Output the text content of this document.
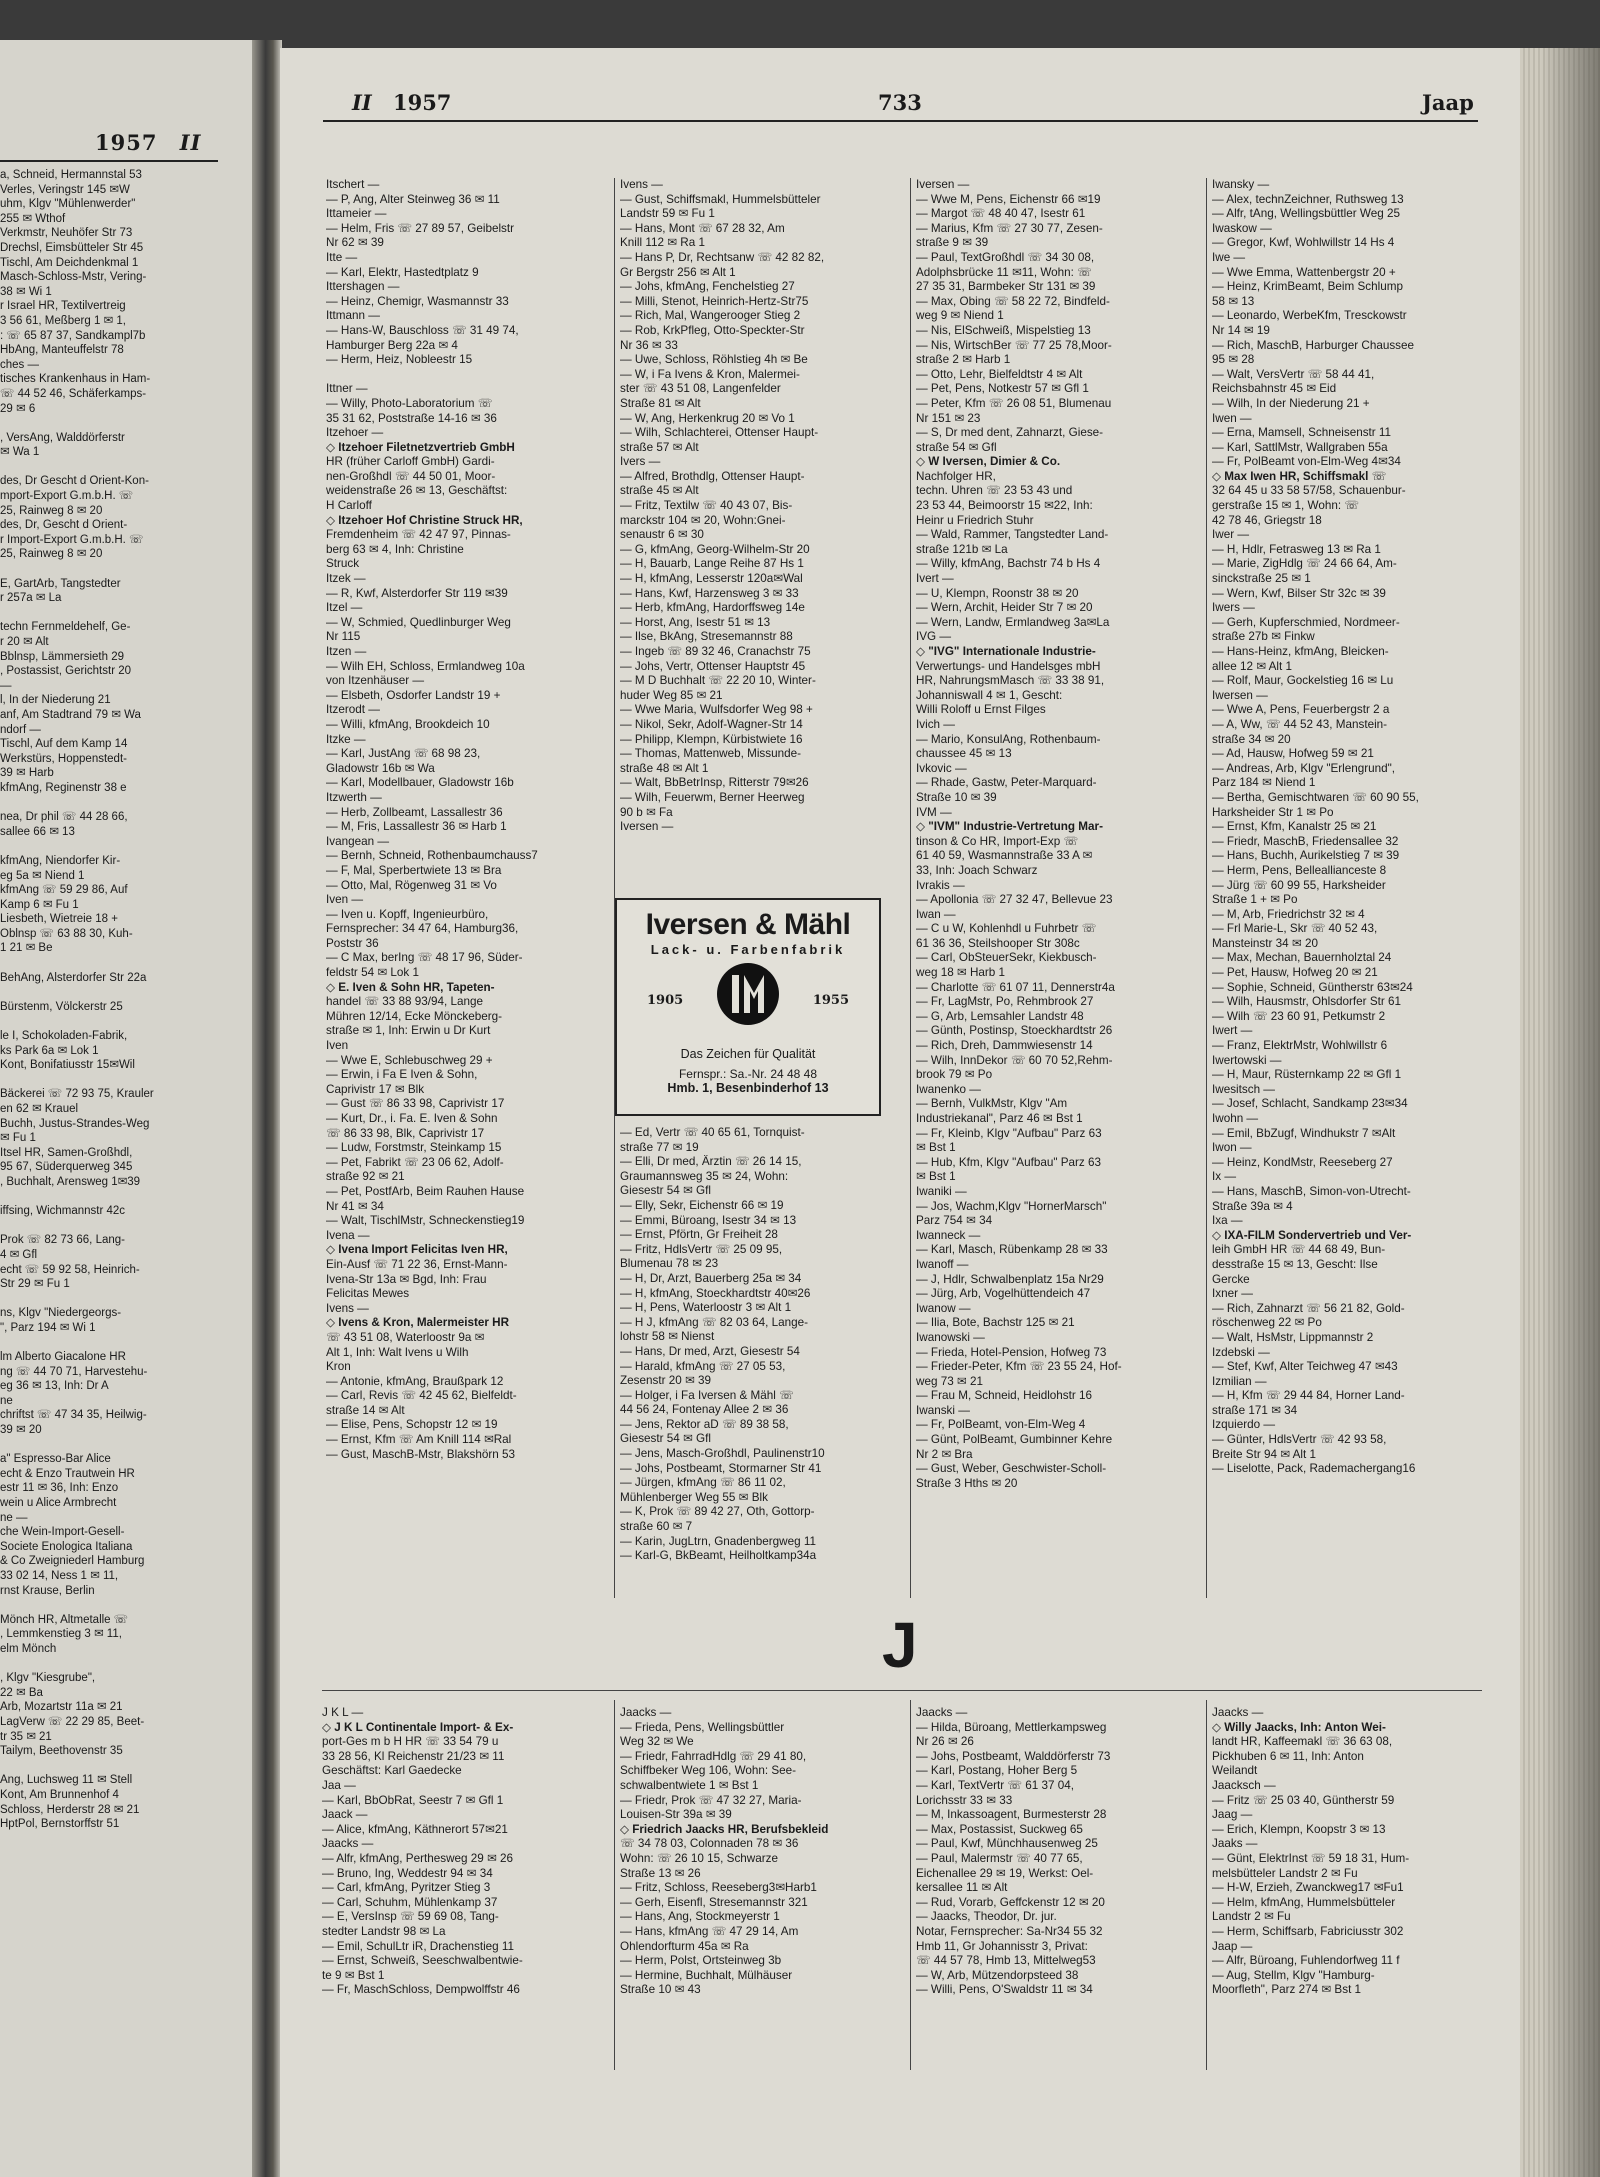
1957 II
a, Schneid, Hermannstal 53
Verles, Veringstr 145 ✉W
uhm, Klgv "Mühlenwerder"
255 ✉ Wthof
Verkmstr, Neuhöfer Str 73
Drechsl, Eimsbütteler Str 45
Tischl, Am Deichdenkmal 1
Masch-Schloss-Mstr, Vering-
38 ✉ Wi 1
r Israel HR, Textilvertreig
3 56 61, Meßberg 1 ✉ 1,
: ☏ 65 87 37, Sandkampl7b
HbAng, Manteuffelstr 78
ches —
tisches Krankenhaus in Ham-
☏ 44 52 46, Schäferkamps-
29 ✉ 6

, VersAng, Walddörferstr
✉ Wa 1

des, Dr Gescht d Orient-Kon-
mport-Export G.m.b.H. ☏
25, Rainweg 8 ✉ 20
des, Dr, Gescht d Orient-
r Import-Export G.m.b.H. ☏
25, Rainweg 8 ✉ 20

E, GartArb, Tangstedter
r 257a ✉ La

techn Fernmeldehelf, Ge-
r 20 ✉ Alt
Bblnsp, Lämmersieth 29
, Postassist, Gerichtstr 20
—
l, In der Niederung 21
anf, Am Stadtrand 79 ✉ Wa
ndorf —
Tischl, Auf dem Kamp 14
Werkstürs, Hoppenstedt-
39 ✉ Harb
kfmAng, Reginenstr 38 e

nea, Dr phil ☏ 44 28 66,
sallee 66 ✉ 13

kfmAng, Niendorfer Kir-
eg 5a ✉ Niend 1
kfmAng ☏ 59 29 86, Auf
Kamp 6 ✉ Fu 1
Liesbeth, Wietreie 18 +
Oblnsp ☏ 63 88 30, Kuh-
1 21 ✉ Be

BehAng, Alsterdorfer Str 22a

Bürstenm, Völckerstr 25

le I, Schokoladen-Fabrik,
ks Park 6a ✉ Lok 1
Kont, Bonifatiusstr 15✉Wil

Bäckerei ☏ 72 93 75, Krauler
en 62 ✉ Krauel
Buchh, Justus-Strandes-Weg
✉ Fu 1
Itsel HR, Samen-Großhdl,
95 67, Süderquerweg 345
, Buchhalt, Arensweg 1✉39

iffsing, Wichmannstr 42c

Prok ☏ 82 73 66, Lang-
4 ✉ Gfl
echt ☏ 59 92 58, Heinrich-
Str 29 ✉ Fu 1

ns, Klgv "Niedergeorgs-
", Parz 194 ✉ Wi 1

lm Alberto Giacalone HR
ng ☏ 44 70 71, Harvestehu-
eg 36 ✉ 13, Inh: Dr A
ne
chriftst ☏ 47 34 35, Heilwig-
39 ✉ 20

a" Espresso-Bar Alice
echt & Enzo Trautwein HR
estr 11 ✉ 36, Inh: Enzo
wein u Alice Armbrecht
ne —
che Wein-Import-Gesell-
Societe Enologica Italiana
& Co Zweigniederl Hamburg
33 02 14, Ness 1 ✉ 11,
rnst Krause, Berlin

Mönch HR, Altmetalle ☏
, Lemmkenstieg 3 ✉ 11,
elm Mönch

, Klgv "Kiesgrube",
22 ✉ Ba
Arb, Mozartstr 11a ✉ 21
LagVerw ☏ 22 29 85, Beet-
tr 35 ✉ 21
Tailym, Beethovenstr 35

Ang, Luchsweg 11 ✉ Stell
Kont, Am Brunnenhof 4
Schloss, Herderstr 28 ✉ 21
HptPol, Bernstorffstr 51
II 1957	733	Jaap
Itschert —
— P, Ang, Alter Steinweg 36 ✉ 11
Ittameier —
— Helm, Fris ☏ 27 89 57, Geibelstr
Nr 62 ✉ 39
Itte —
— Karl, Elektr, Hastedtplatz 9
Ittershagen —
— Heinz, Chemigr, Wasmannstr 33
Ittmann —
— Hans-W, Bauschloss ☏ 31 49 74,
Hamburger Berg 22a ✉ 4
— Herm, Heiz, Nobleestr 15

Ittner —
— Willy, Photo-Laboratorium ☏
35 31 62, Poststraße 14-16 ✉ 36
Itzehoer —
◇ Itzehoer Filetnetzvertrieb GmbH
HR (früher Carloff GmbH) Gardi-
nen-Großhdl ☏ 44 50 01, Moor-
weidenstraße 26 ✉ 13, Geschäftst:
H Carloff
◇ Itzehoer Hof Christine Struck HR,
Fremdenheim ☏ 42 47 97, Pinnas-
berg 63 ✉ 4, Inh: Christine
Struck
Itzek —
— R, Kwf, Alsterdorfer Str 119 ✉39
Itzel —
— W, Schmied, Quedlinburger Weg
Nr 115
Itzen —
— Wilh EH, Schloss, Ermlandweg 10a
von Itzenhäuser —
— Elsbeth, Osdorfer Landstr 19 +
Itzerodt —
— Willi, kfmAng, Brookdeich 10
Itzke —
— Karl, JustAng ☏ 68 98 23,
Gladowstr 16b ✉ Wa
— Karl, Modellbauer, Gladowstr 16b
Itzwerth —
— Herb, Zollbeamt, Lassallestr 36
— M, Fris, Lassallestr 36 ✉ Harb 1
Ivangean —
— Bernh, Schneid, Rothenbaumchauss7
— F, Mal, Sperbertwiete 13 ✉ Bra
— Otto, Mal, Rögenweg 31 ✉ Vo
Iven —
— Iven u. Kopff, Ingenieurbüro,
Fernsprecher: 34 47 64, Hamburg36,
Poststr 36
— C Max, berIng ☏ 48 17 96, Süder-
feldstr 54 ✉ Lok 1
◇ E. Iven & Sohn HR, Tapeten-
handel ☏ 33 88 93/94, Lange
Mühren 12/14, Ecke Mönckeberg-
straße ✉ 1, Inh: Erwin u Dr Kurt
Iven
— Wwe E, Schlebuschweg 29 +
— Erwin, i Fa E Iven & Sohn,
Caprivistr 17 ✉ Blk
— Gust ☏ 86 33 98, Caprivistr 17
— Kurt, Dr., i. Fa. E. Iven & Sohn
☏ 86 33 98, Blk, Caprivistr 17
— Ludw, Forstmstr, Steinkamp 15
— Pet, Fabrikt ☏ 23 06 62, Adolf-
straße 92 ✉ 21
— Pet, PostfArb, Beim Rauhen Hause
Nr 41 ✉ 34
— Walt, TischlMstr, Schneckenstieg19
Ivena —
◇ Ivena Import Felicitas Iven HR,
Ein-Ausf ☏ 71 22 36, Ernst-Mann-
Ivena-Str 13a ✉ Bgd, Inh: Frau
Felicitas Mewes
Ivens —
◇ Ivens & Kron, Malermeister HR
☏ 43 51 08, Waterloostr 9a ✉
Alt 1, Inh: Walt Ivens u Wilh
Kron
— Antonie, kfmAng, Braußpark 12
— Carl, Revis ☏ 42 45 62, Bielfeldt-
straße 14 ✉ Alt
— Elise, Pens, Schopstr 12 ✉ 19
— Ernst, Kfm ☏ Am Knill 114 ✉Ral
— Gust, MaschB-Mstr, Blakshörn 53
Ivens —
— Gust, Schiffsmakl, Hummelsbütteler
Landstr 59 ✉ Fu 1
— Hans, Mont ☏ 67 28 32, Am
Knill 112 ✉ Ra 1
— Hans P, Dr, Rechtsanw ☏ 42 82 82,
Gr Bergstr 256 ✉ Alt 1
— Johs, kfmAng, Fenchelstieg 27
— Milli, Stenot, Heinrich-Hertz-Str75
— Rich, Mal, Wangerooger Stieg 2
— Rob, KrkPfleg, Otto-Speckter-Str
Nr 36 ✉ 33
— Uwe, Schloss, Röhlstieg 4h ✉ Be
— W, i Fa Ivens & Kron, Malermei-
ster ☏ 43 51 08, Langenfelder
Straße 81 ✉ Alt
— W, Ang, Herkenkrug 20 ✉ Vo 1
— Wilh, Schlachterei, Ottenser Haupt-
straße 57 ✉ Alt
Ivers —
— Alfred, Brothdlg, Ottenser Haupt-
straße 45 ✉ Alt
— Fritz, Textilw ☏ 40 43 07, Bis-
marckstr 104 ✉ 20, Wohn:Gnei-
senaustr 6 ✉ 30
— G, kfmAng, Georg-Wilhelm-Str 20
— H, Bauarb, Lange Reihe 87 Hs 1
— H, kfmAng, Lesserstr 120a✉Wal
— Hans, Kwf, Harzensweg 3 ✉ 33
— Herb, kfmAng, Hardorffsweg 14e
— Horst, Ang, Isestr 51 ✉ 13
— Ilse, BkAng, Stresemannstr 88
— Ingeb ☏ 89 32 46, Cranachstr 75
— Johs, Vertr, Ottenser Hauptstr 45
— M D Buchhalt ☏ 22 20 10, Winter-
huder Weg 85 ✉ 21
— Wwe Maria, Wulfsdorfer Weg 98 +
— Nikol, Sekr, Adolf-Wagner-Str 14
— Philipp, Klempn, Kürbistwiete 16
— Thomas, Mattenweb, Missunde-
straße 48 ✉ Alt 1
— Walt, BbBetrInsp, Ritterstr 79✉26
— Wilh, Feuerwm, Berner Heerweg
90 b ✉ Fa
Iversen —
Iversen & Mähl
Lack- u. Farbenfabrik
1905	1955
Das Zeichen für Qualität
Fernspr.: Sa.-Nr. 24 48 48
Hmb. 1, Besenbinderhof 13
— Ed, Vertr ☏ 40 65 61, Tornquist-
straße 77 ✉ 19
— Elli, Dr med, Ärztin ☏ 26 14 15,
Graumannsweg 35 ✉ 24, Wohn:
Giesestr 54 ✉ Gfl
— Elly, Sekr, Eichenstr 66 ✉ 19
— Emmi, Büroang, Isestr 34 ✉ 13
— Ernst, Pförtn, Gr Freiheit 28
— Fritz, HdlsVertr ☏ 25 09 95,
Blumenau 78 ✉ 23
— H, Dr, Arzt, Bauerberg 25a ✉ 34
— H, kfmAng, Stoeckhardtstr 40✉26
— H, Pens, Waterloostr 3 ✉ Alt 1
— H J, kfmAng ☏ 82 03 64, Lange-
lohstr 58 ✉ Nienst
— Hans, Dr med, Arzt, Giesestr 54
— Harald, kfmAng ☏ 27 05 53,
Zesenstr 20 ✉ 39
— Holger, i Fa Iversen & Mähl ☏
44 56 24, Fontenay Allee 2 ✉ 36
— Jens, Rektor aD ☏ 89 38 58,
Giesestr 54 ✉ Gfl
— Jens, Masch-Großhdl, Paulinenstr10
— Johs, Postbeamt, Stormarner Str 41
— Jürgen, kfmAng ☏ 86 11 02,
Mühlenberger Weg 55 ✉ Blk
— K, Prok ☏ 89 42 27, Oth, Gottorp-
straße 60 ✉ 7
— Karin, JugLtrn, Gnadenbergweg 11
— Karl-G, BkBeamt, Heilholtkamp34a
Iversen —
— Wwe M, Pens, Eichenstr 66 ✉19
— Margot ☏ 48 40 47, Isestr 61
— Marius, Kfm ☏ 27 30 77, Zesen-
straße 9 ✉ 39
— Paul, TextGroßhdl ☏ 34 30 08,
Adolphsbrücke 11 ✉11, Wohn: ☏
27 35 31, Barmbeker Str 131 ✉ 39
— Max, Obing ☏ 58 22 72, Bindfeld-
weg 9 ✉ Niend 1
— Nis, ElSchweiß, Mispelstieg 13
— Nis, WirtschBer ☏ 77 25 78,Moor-
straße 2 ✉ Harb 1
— Otto, Lehr, Bielfeldtstr 4 ✉ Alt
— Pet, Pens, Notkestr 57 ✉ Gfl 1
— Peter, Kfm ☏ 26 08 51, Blumenau
Nr 151 ✉ 23
— S, Dr med dent, Zahnarzt, Giese-
straße 54 ✉ Gfl
◇ W Iversen, Dimier & Co.
Nachfolger HR,
techn. Uhren ☏ 23 53 43 und
23 53 44, Beimoorstr 15 ✉22, Inh:
Heinr u Friedrich Stuhr
— Wald, Rammer, Tangstedter Land-
straße 121b ✉ La
— Willy, kfmAng, Bachstr 74 b Hs 4
Ivert —
— U, Klempn, Roonstr 38 ✉ 20
— Wern, Archit, Heider Str 7 ✉ 20
— Wern, Landw, Ermlandweg 3a✉La
IVG —
◇ "IVG" Internationale Industrie-
Verwertungs- und Handelsges mbH
HR, NahrungsmMasch ☏ 33 38 91,
Johanniswall 4 ✉ 1, Gescht:
Willi Roloff u Ernst Filges
Ivich —
— Mario, KonsulAng, Rothenbaum-
chaussee 45 ✉ 13
Ivkovic —
— Rhade, Gastw, Peter-Marquard-
Straße 10 ✉ 39
IVM —
◇ "IVM" Industrie-Vertretung Mar-
tinson & Co HR, Import-Exp ☏
61 40 59, Wasmannstraße 33 A ✉
33, Inh: Joach Schwarz
Ivrakis —
— Apollonia ☏ 27 32 47, Bellevue 23
Iwan —
— C u W, Kohlenhdl u Fuhrbetr ☏
61 36 36, Steilshooper Str 308c
— Carl, ObSteuerSekr, Kiekbusch-
weg 18 ✉ Harb 1
— Charlotte ☏ 61 07 11, Dennerstr4a
— Fr, LagMstr, Po, Rehmbrook 27
— G, Arb, Lemsahler Landstr 48
— Günth, Postinsp, Stoeckhardtstr 26
— Rich, Dreh, Dammwiesenstr 14
— Wilh, InnDekor ☏ 60 70 52,Rehm-
brook 79 ✉ Po
Iwanenko —
— Bernh, VulkMstr, Klgv "Am
Industriekanal", Parz 46 ✉ Bst 1
— Fr, Kleinb, Klgv "Aufbau" Parz 63
✉ Bst 1
— Hub, Kfm, Klgv "Aufbau" Parz 63
✉ Bst 1
Iwaniki —
— Jos, Wachm,Klgv "HornerMarsch"
Parz 754 ✉ 34
Iwanneck —
— Karl, Masch, Rübenkamp 28 ✉ 33
Iwanoff —
— J, Hdlr, Schwalbenplatz 15a Nr29
— Jürg, Arb, Vogelhüttendeich 47
Iwanow —
— Ilia, Bote, Bachstr 125 ✉ 21
Iwanowski —
— Frieda, Hotel-Pension, Hofweg 73
— Frieder-Peter, Kfm ☏ 23 55 24, Hof-
weg 73 ✉ 21
— Frau M, Schneid, Heidlohstr 16
Iwanski —
— Fr, PolBeamt, von-Elm-Weg 4
— Günt, PolBeamt, Gumbinner Kehre
Nr 2 ✉ Bra
— Gust, Weber, Geschwister-Scholl-
Straße 3 Hths ✉ 20
Iwansky —
— Alex, technZeichner, Ruthsweg 13
— Alfr, tAng, Wellingsbüttler Weg 25
Iwaskow —
— Gregor, Kwf, Wohlwillstr 14 Hs 4
Iwe —
— Wwe Emma, Wattenbergstr 20 +
— Heinz, KrimBeamt, Beim Schlump
58 ✉ 13
— Leonardo, WerbeKfm, Tresckowstr
Nr 14 ✉ 19
— Rich, MaschB, Harburger Chaussee
95 ✉ 28
— Walt, VersVertr ☏ 58 44 41,
Reichsbahnstr 45 ✉ Eid
— Wilh, In der Niederung 21 +
Iwen —
— Erna, Mamsell, Schneisenstr 11
— Karl, SattlMstr, Wallgraben 55a
— Fr, PolBeamt von-Elm-Weg 4✉34
◇ Max Iwen HR, Schiffsmakl ☏
32 64 45 u 33 58 57/58, Schauenbur-
gerstraße 15 ✉ 1, Wohn: ☏
42 78 46, Griegstr 18
Iwer —
— H, Hdlr, Fetrasweg 13 ✉ Ra 1
— Marie, ZigHdlg ☏ 24 66 64, Am-
sinckstraße 25 ✉ 1
— Wern, Kwf, Bilser Str 32c ✉ 39
Iwers —
— Gerh, Kupferschmied, Nordmeer-
straße 27b ✉ Finkw
— Hans-Heinz, kfmAng, Bleicken-
allee 12 ✉ Alt 1
— Rolf, Maur, Gockelstieg 16 ✉ Lu
Iwersen —
— Wwe A, Pens, Feuerbergstr 2 a
— A, Ww, ☏ 44 52 43, Manstein-
straße 34 ✉ 20
— Ad, Hausw, Hofweg 59 ✉ 21
— Andreas, Arb, Klgv "Erlengrund",
Parz 184 ✉ Niend 1
— Bertha, Gemischtwaren ☏ 60 90 55,
Harksheider Str 1 ✉ Po
— Ernst, Kfm, Kanalstr 25 ✉ 21
— Friedr, MaschB, Friedensallee 32
— Hans, Buchh, Aurikelstieg 7 ✉ 39
— Herm, Pens, Belleallianceste 8
— Jürg ☏ 60 99 55, Harksheider
Straße 1 + ✉ Po
— M, Arb, Friedrichstr 32 ✉ 4
— Frl Marie-L, Skr ☏ 40 52 43,
Mansteinstr 34 ✉ 20
— Max, Mechan, Bauernholztal 24
— Pet, Hausw, Hofweg 20 ✉ 21
— Sophie, Schneid, Güntherstr 63✉24
— Wilh, Hausmstr, Ohlsdorfer Str 61
— Wilh ☏ 23 60 91, Petkumstr 2
Iwert —
— Franz, ElektrMstr, Wohlwillstr 6
Iwertowski —
— H, Maur, Rüsternkamp 22 ✉ Gfl 1
Iwesitsch —
— Josef, Schlacht, Sandkamp 23✉34
Iwohn —
— Emil, BbZugf, Windhukstr 7 ✉Alt
Iwon —
— Heinz, KondMstr, Reeseberg 27
Ix —
— Hans, MaschB, Simon-von-Utrecht-
Straße 39a ✉ 4
Ixa —
◇ IXA-FILM Sondervertrieb und Ver-
leih GmbH HR ☏ 44 68 49, Bun-
desstraße 15 ✉ 13, Gescht: Ilse
Gercke
Ixner —
— Rich, Zahnarzt ☏ 56 21 82, Gold-
röschenweg 22 ✉ Po
— Walt, HsMstr, Lippmannstr 2
Izdebski —
— Stef, Kwf, Alter Teichweg 47 ✉43
Izmilian —
— H, Kfm ☏ 29 44 84, Horner Land-
straße 171 ✉ 34
Izquierdo —
— Günter, HdlsVertr ☏ 42 93 58,
Breite Str 94 ✉ Alt 1
— Liselotte, Pack, Rademachergang16
J
J K L —
◇ J K L Continentale Import- & Ex-
port-Ges m b H HR ☏ 33 54 79 u
33 28 56, Kl Reichenstr 21/23 ✉ 11
Geschäftst: Karl Gaedecke
Jaa —
— Karl, BbObRat, Seestr 7 ✉ Gfl 1
Jaack —
— Alice, kfmAng, Käthnerort 57✉21
Jaacks —
— Alfr, kfmAng, Perthesweg 29 ✉ 26
— Bruno, Ing, Weddestr 94 ✉ 34
— Carl, kfmAng, Pyritzer Stieg 3
— Carl, Schuhm, Mühlenkamp 37
— E, VersInsp ☏ 59 69 08, Tang-
stedter Landstr 98 ✉ La
— Emil, SchulLtr iR, Drachenstieg 11
— Ernst, Schweiß, Seeschwalbentwie-
te 9 ✉ Bst 1
— Fr, MaschSchloss, Dempwolffstr 46
Jaacks —
— Frieda, Pens, Wellingsbüttler
Weg 32 ✉ We
— Friedr, FahrradHdlg ☏ 29 41 80,
Schiffbeker Weg 106, Wohn: See-
schwalbentwiete 1 ✉ Bst 1
— Friedr, Prok ☏ 47 32 27, Maria-
Louisen-Str 39a ✉ 39
◇ Friedrich Jaacks HR, Berufsbekleid
☏ 34 78 03, Colonnaden 78 ✉ 36
Wohn: ☏ 26 10 15, Schwarze
Straße 13 ✉ 26
— Fritz, Schloss, Reeseberg3✉Harb1
— Gerh, Eisenfl, Stresemannstr 321
— Hans, Ang, Stockmeyerstr 1
— Hans, kfmAng ☏ 47 29 14, Am
Ohlendorfturm 45a ✉ Ra
— Herm, Polst, Ortsteinweg 3b
— Hermine, Buchhalt, Mülhäuser
Straße 10 ✉ 43
Jaacks —
— Hilda, Büroang, Mettlerkampsweg
Nr 26 ✉ 26
— Johs, Postbeamt, Walddörferstr 73
— Karl, Postang, Hoher Berg 5
— Karl, TextVertr ☏ 61 37 04,
Lorichsstr 33 ✉ 33
— M, Inkassoagent, Burmesterstr 28
— Max, Postassist, Suckweg 65
— Paul, Kwf, Münchhausenweg 25
— Paul, Malermstr ☏ 40 77 65,
Eichenallee 29 ✉ 19, Werkst: Oel-
kersallee 11 ✉ Alt
— Rud, Vorarb, Geffckenstr 12 ✉ 20
— Jaacks, Theodor, Dr. jur.
Notar, Fernsprecher: Sa-Nr34 55 32
Hmb 11, Gr Johannisstr 3, Privat:
☏ 44 57 78, Hmb 13, Mittelweg53
— W, Arb, Mützendorpsteed 38
— Willi, Pens, O'Swaldstr 11 ✉ 34
Jaacks —
◇ Willy Jaacks, Inh: Anton Wei-
landt HR, Kaffeemakl ☏ 36 63 08,
Pickhuben 6 ✉ 11, Inh: Anton
Weilandt
Jaacksch —
— Fritz ☏ 25 03 40, Güntherstr 59
Jaag —
— Erich, Klempn, Koopstr 3 ✉ 13
Jaaks —
— Günt, ElektrInst ☏ 59 18 31, Hum-
melsbütteler Landstr 2 ✉ Fu
— H-W, Erzieh, Zwanckweg17 ✉Fu1
— Helm, kfmAng, Hummelsbütteler
Landstr 2 ✉ Fu
— Herm, Schiffsarb, Fabriciusstr 302
Jaap —
— Alfr, Büroang, Fuhlendorfweg 11 f
— Aug, Stellm, Klgv "Hamburg-
Moorfleth", Parz 274 ✉ Bst 1
